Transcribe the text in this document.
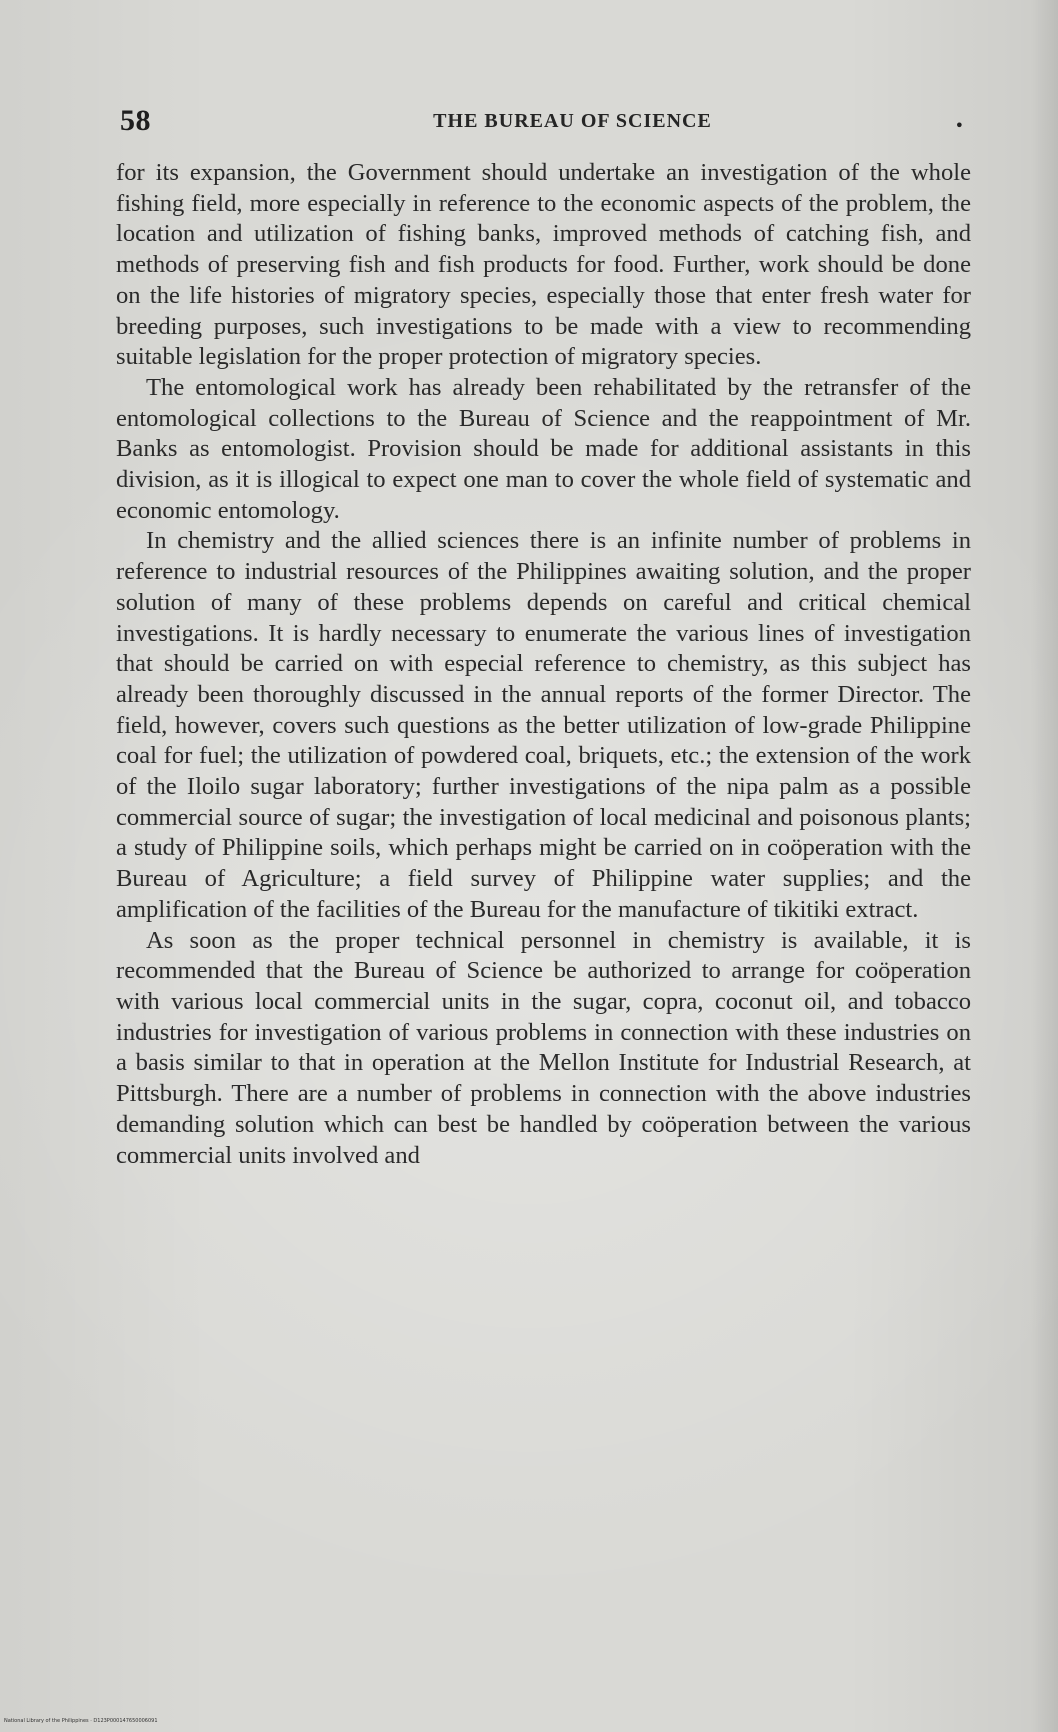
58	THE BUREAU OF SCIENCE	•

for its expansion, the Government should undertake an investigation of the whole fishing field, more especially in reference to the economic aspects of the problem, the location and utilization of fishing banks, improved methods of catching fish, and methods of preserving fish and fish products for food. Further, work should be done on the life histories of migratory species, especially those that enter fresh water for breeding purposes, such investigations to be made with a view to recommending suitable legislation for the proper protection of migratory species.

The entomological work has already been rehabilitated by the retransfer of the entomological collections to the Bureau of Science and the reappointment of Mr. Banks as entomologist. Provision should be made for additional assistants in this division, as it is illogical to expect one man to cover the whole field of systematic and economic entomology.

In chemistry and the allied sciences there is an infinite number of problems in reference to industrial resources of the Philippines awaiting solution, and the proper solution of many of these problems depends on careful and critical chemical investigations. It is hardly necessary to enumerate the various lines of investigation that should be carried on with especial reference to chemistry, as this subject has already been thoroughly discussed in the annual reports of the former Director. The field, however, covers such questions as the better utilization of low-grade Philippine coal for fuel; the utilization of powdered coal, briquets, etc.; the extension of the work of the Iloilo sugar laboratory; further investigations of the nipa palm as a possible commercial source of sugar; the investigation of local medicinal and poisonous plants; a study of Philippine soils, which perhaps might be carried on in coöperation with the Bureau of Agriculture; a field survey of Philippine water supplies; and the amplification of the facilities of the Bureau for the manufacture of tikitiki extract.

As soon as the proper technical personnel in chemistry is available, it is recommended that the Bureau of Science be authorized to arrange for coöperation with various local commercial units in the sugar, copra, coconut oil, and tobacco industries for investigation of various problems in connection with these industries on a basis similar to that in operation at the Mellon Institute for Industrial Research, at Pittsburgh. There are a number of problems in connection with the above industries demanding solution which can best be handled by coöperation between the various commercial units involved and

National Library of the Philippines · D123P000147650006091
